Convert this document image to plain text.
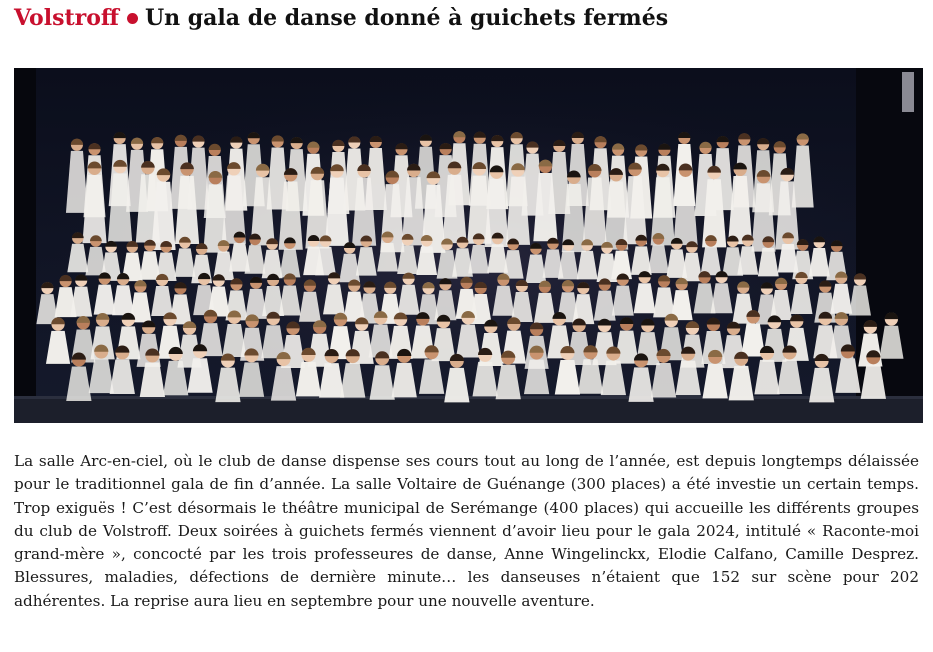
Volstroff Un gala de danse donné à guichets fermés

La salle Arc-en-ciel, où le club de danse dispense ses cours tout au long de l’année, est depuis longtemps délaissée pour le traditionnel gala de fin d’année. La salle Voltaire de Guénange (300 places) a été investie un certain temps. Trop exiguës ! C’est désormais le théâtre municipal de Serémange (400 places) qui accueille les différents groupes du club de Volstroff. Deux soirées à guichets fermés viennent d’avoir lieu pour le gala 2024, intitulé « Raconte-moi grand-mère », concocté par les trois professeures de danse, Anne Wingelinckx, Elodie Calfano, Camille Desprez. Blessures, maladies, défections de dernière minute… les danseuses n’étaient que 152 sur scène pour 202 adhérentes. La reprise aura lieu en septembre pour une nouvelle aventure.
